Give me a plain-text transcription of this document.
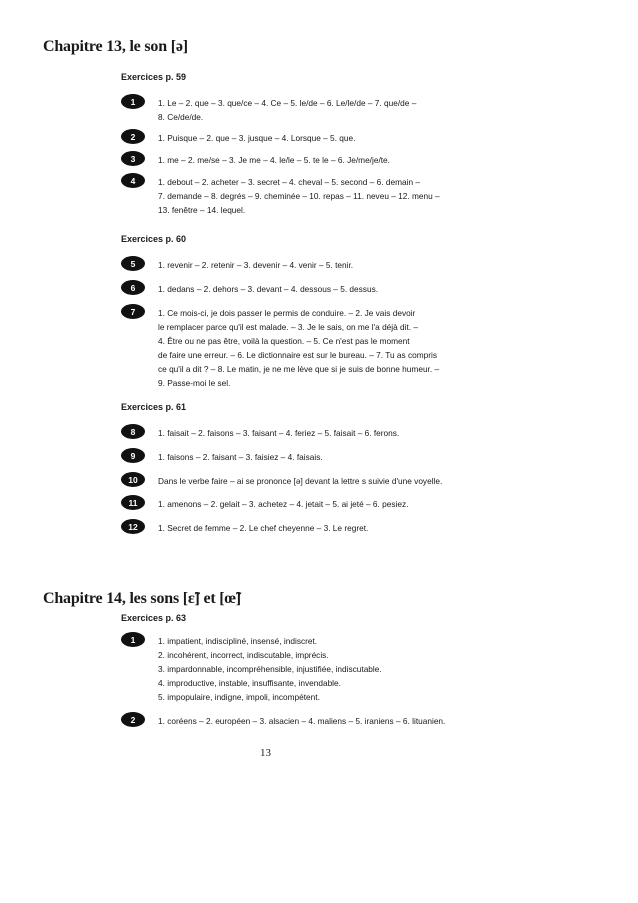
Chapitre 13, le son [ə]
Exercices p. 59
1	1. Le – 2. que – 3. que/ce – 4. Ce – 5. le/de – 6. Le/le/de – 7. que/de –
8. Ce/de/de.
2	1. Puisque – 2. que – 3. jusque – 4. Lorsque – 5. que.
3	1. me – 2. me/se – 3. Je me – 4. le/le – 5. te le – 6. Je/me/je/te.
4	1. debout – 2. acheter – 3. secret – 4. cheval – 5. second – 6. demain –
7. demande – 8. degrés – 9. cheminée – 10. repas – 11. neveu – 12. menu –
13. fenêtre – 14. lequel.
Exercices p. 60
5	1. revenir – 2. retenir – 3. devenir – 4. venir – 5. tenir.
6	1. dedans – 2. dehors – 3. devant – 4. dessous – 5. dessus.
7	1. Ce mois-ci, je dois passer le permis de conduire. – 2. Je vais devoir
le remplacer parce qu'il est malade. – 3. Je le sais, on me l'a déjà dit. –
4. Être ou ne pas être, voilà la question. – 5. Ce n'est pas le moment
de faire une erreur. – 6. Le dictionnaire est sur le bureau. – 7. Tu as compris
ce qu'il a dit ? – 8. Le matin, je ne me lève que si je suis de bonne humeur. –
9. Passe-moi le sel.
Exercices p. 61
8	1. faisait – 2. faisons – 3. faisant – 4. feriez – 5. faisait – 6. ferons.
9	1. faisons – 2. faisant – 3. faisiez – 4. faisais.
10	Dans le verbe faire – ai se prononce [ə] devant la lettre s suivie d'une voyelle.
11	1. amenons – 2. gelait – 3. achetez – 4. jetait – 5. ai jeté – 6. pesiez.
12	1. Secret de femme – 2. Le chef cheyenne – 3. Le regret.
Chapitre 14, les sons [ɛ̃] et [œ̃]
Exercices p. 63
1	1. impatient, indiscipliné, insensé, indiscret.
2. incohérent, incorrect, indiscutable, imprécis.
3. impardonnable, incompréhensible, injustifiée, indiscutable.
4. improductive, instable, insuffisante, invendable.
5. impopulaire, indigne, impoli, incompétent.
2	1. coréens – 2. européen – 3. alsacien – 4. maliens – 5. iraniens – 6. lituanien.
13
